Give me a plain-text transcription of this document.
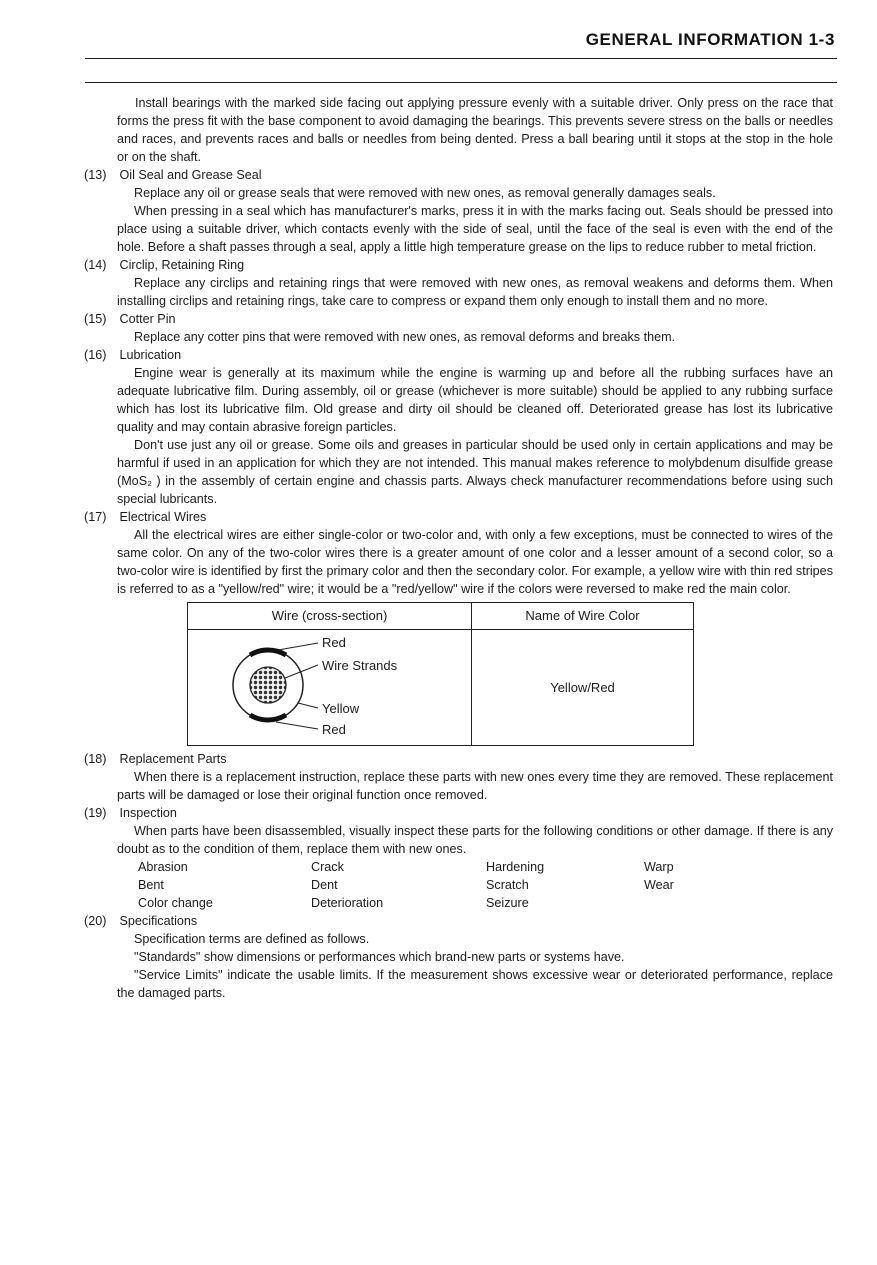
GENERAL INFORMATION 1-3

Install bearings with the marked side facing out applying pressure evenly with a suitable driver. Only press on the race that forms the press fit with the base component to avoid damaging the bearings. This prevents severe stress on the balls or needles and races, and prevents races and balls or needles from being dented. Press a ball bearing until it stops at the stop in the hole or on the shaft.

(13) Oil Seal and Grease Seal

Replace any oil or grease seals that were removed with new ones, as removal generally damages seals.

When pressing in a seal which has manufacturer's marks, press it in with the marks facing out. Seals should be pressed into place using a suitable driver, which contacts evenly with the side of seal, until the face of the seal is even with the end of the hole. Before a shaft passes through a seal, apply a little high temperature grease on the lips to reduce rubber to metal friction.

(14) Circlip, Retaining Ring

Replace any circlips and retaining rings that were removed with new ones, as removal weakens and deforms them. When installing circlips and retaining rings, take care to compress or expand them only enough to install them and no more.

(15) Cotter Pin

Replace any cotter pins that were removed with new ones, as removal deforms and breaks them.

(16) Lubrication

Engine wear is generally at its maximum while the engine is warming up and before all the rubbing surfaces have an adequate lubricative film. During assembly, oil or grease (whichever is more suitable) should be applied to any rubbing surface which has lost its lubricative film. Old grease and dirty oil should be cleaned off. Deteriorated grease has lost its lubricative quality and may contain abrasive foreign particles.

Don't use just any oil or grease. Some oils and greases in particular should be used only in certain applications and may be harmful if used in an application for which they are not intended. This manual makes reference to molybdenum disulfide grease (MoS₂ ) in the assembly of certain engine and chassis parts. Always check manufacturer recommendations before using such special lubricants.

(17) Electrical Wires

All the electrical wires are either single-color or two-color and, with only a few exceptions, must be connected to wires of the same color. On any of the two-color wires there is a greater amount of one color and a lesser amount of a second color, so a two-color wire is identified by first the primary color and then the secondary color. For example, a yellow wire with thin red stripes is referred to as a "yellow/red" wire; it would be a "red/yellow" wire if the colors were reversed to make red the main color.

Wire (cross-section)	Name of Wire Color

Red
Wire Strands
Yellow
Red	Yellow/Red
(18) Replacement Parts

When there is a replacement instruction, replace these parts with new ones every time they are removed. These replacement parts will be damaged or lose their original function once removed.

(19) Inspection

When parts have been disassembled, visually inspect these parts for the following conditions or other damage. If there is any doubt as to the condition of them, replace them with new ones.

Abrasion	Crack	Hardening	Warp
Bent	Dent	Scratch	Wear
Color change	Deterioration	Seizure
(20) Specifications

Specification terms are defined as follows.

"Standards" show dimensions or performances which brand-new parts or systems have.

"Service Limits" indicate the usable limits. If the measurement shows excessive wear or deteriorated performance, replace the damaged parts.
